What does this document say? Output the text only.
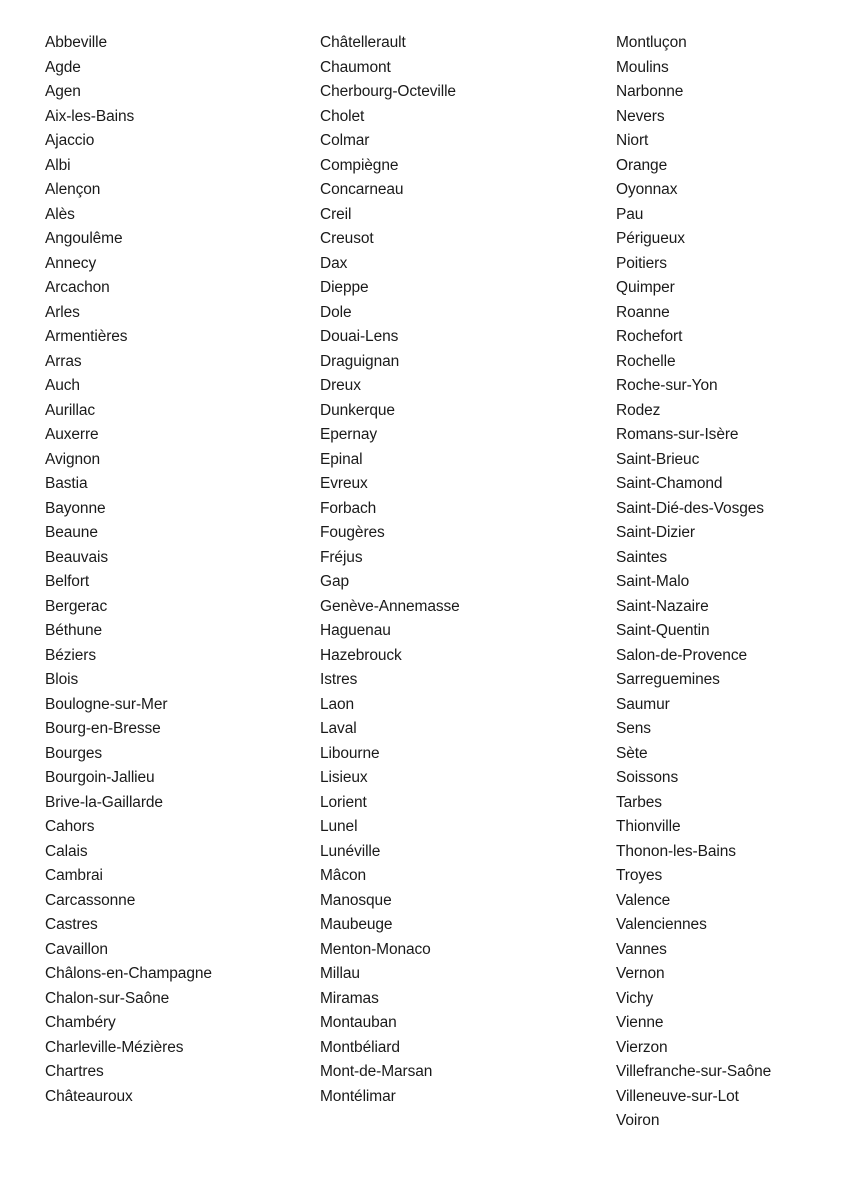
Abbeville
Agde
Agen
Aix-les-Bains
Ajaccio
Albi
Alençon
Alès
Angoulême
Annecy
Arcachon
Arles
Armentières
Arras
Auch
Aurillac
Auxerre
Avignon
Bastia
Bayonne
Beaune
Beauvais
Belfort
Bergerac
Béthune
Béziers
Blois
Boulogne-sur-Mer
Bourg-en-Bresse
Bourges
Bourgoin-Jallieu
Brive-la-Gaillarde
Cahors
Calais
Cambrai
Carcassonne
Castres
Cavaillon
Châlons-en-Champagne
Chalon-sur-Saône
Chambéry
Charleville-Mézières
Chartres
Châteauroux
Châtellerault
Chaumont
Cherbourg-Octeville
Cholet
Colmar
Compiègne
Concarneau
Creil
Creusot
Dax
Dieppe
Dole
Douai-Lens
Draguignan
Dreux
Dunkerque
Epernay
Epinal
Evreux
Forbach
Fougères
Fréjus
Gap
Genève-Annemasse
Haguenau
Hazebrouck
Istres
Laon
Laval
Libourne
Lisieux
Lorient
Lunel
Lunéville
Mâcon
Manosque
Maubeuge
Menton-Monaco
Millau
Miramas
Montauban
Montbéliard
Mont-de-Marsan
Montélimar
Montluçon
Moulins
Narbonne
Nevers
Niort
Orange
Oyonnax
Pau
Périgueux
Poitiers
Quimper
Roanne
Rochefort
Rochelle
Roche-sur-Yon
Rodez
Romans-sur-Isère
Saint-Brieuc
Saint-Chamond
Saint-Dié-des-Vosges
Saint-Dizier
Saintes
Saint-Malo
Saint-Nazaire
Saint-Quentin
Salon-de-Provence
Sarreguemines
Saumur
Sens
Sète
Soissons
Tarbes
Thionville
Thonon-les-Bains
Troyes
Valence
Valenciennes
Vannes
Vernon
Vichy
Vienne
Vierzon
Villefranche-sur-Saône
Villeneuve-sur-Lot
Voiron
